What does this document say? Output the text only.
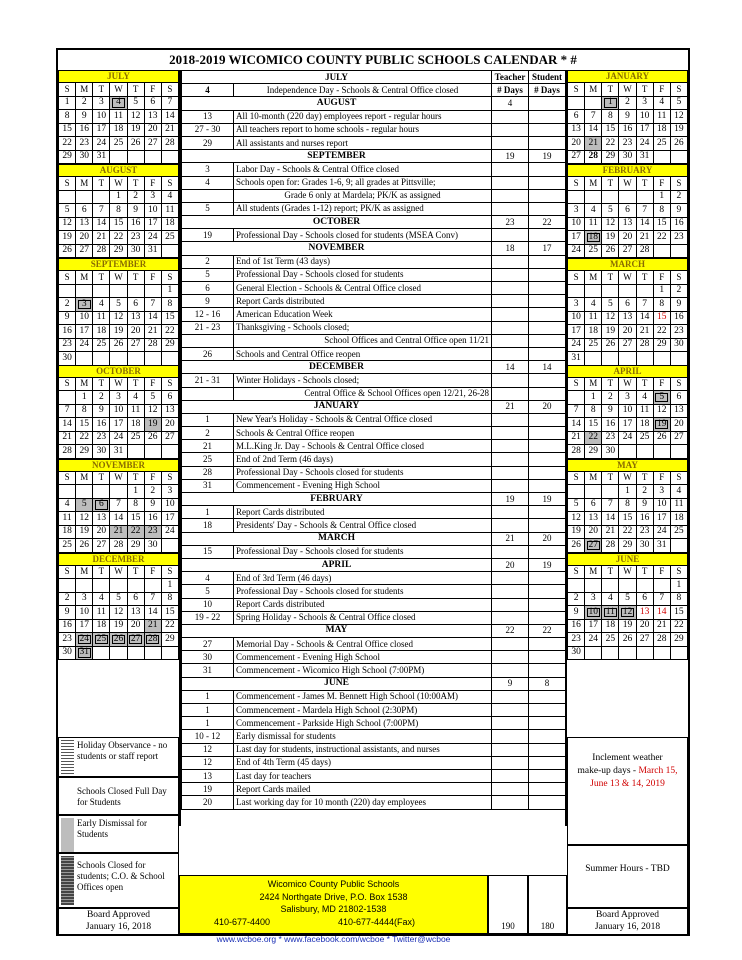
2018-2019 WICOMICO COUNTY PUBLIC SCHOOLS CALENDAR * #
JULY						
S	M	T	W	T	F	S
1	2	3	4	5	6	7
8	9	10	11	12	13	14
15	16	17	18	19	20	21
22	23	24	25	26	27	28
29	30	31				

AUGUST						
S	M	T	W	T	F	S
			1	2	3	4
5	6	7	8	9	10	11
12	13	14	15	16	17	18
19	20	21	22	23	24	25
26	27	28	29	30	31	

SEPTEMBER						
S	M	T	W	T	F	S
						1
2	3	4	5	6	7	8
9	10	11	12	13	14	15
16	17	18	19	20	21	22
23	24	25	26	27	28	29
30						
OCTOBER						
S	M	T	W	T	F	S
	1	2	3	4	5	6
7	8	9	10	11	12	13
14	15	16	17	18	19	20
21	22	23	24	25	26	27
28	29	30	31			

NOVEMBER						
S	M	T	W	T	F	S
				1	2	3
4	5	6	7	8	9	10
11	12	13	14	15	16	17
18	19	20	21	22	23	24
25	26	27	28	29	30	

DECEMBER						
S	M	T	W	T	F	S
						1
2	3	4	5	6	7	8
9	10	11	12	13	14	15
16	17	18	19	20	21	22
23	24	25	26	27	28	29
30	31					
JANUARY						
S	M	T	W	T	F	S
		1	2	3	4	5
6	7	8	9	10	11	12
13	14	15	16	17	18	19
20	21	22	23	24	25	26
27	28	29	30	31		

FEBRUARY						
S	M	T	W	T	F	S
					1	2
3	4	5	6	7	8	9
10	11	12	13	14	15	16
17	18	19	20	21	22	23
24	25	26	27	28		

MARCH						
S	M	T	W	T	F	S
					1	2
3	4	5	6	7	8	9
10	11	12	13	14	15	16
17	18	19	20	21	22	23
24	25	26	27	28	29	30
31						
APRIL						
S	M	T	W	T	F	S
	1	2	3	4	5	6
7	8	9	10	11	12	13
14	15	16	17	18	19	20
21	22	23	24	25	26	27
28	29	30				

MAY						
S	M	T	W	T	F	S
			1	2	3	4
5	6	7	8	9	10	11
12	13	14	15	16	17	18
19	20	21	22	23	24	25
26	27	28	29	30	31	

JUNE						
S	M	T	W	T	F	S
						1
2	3	4	5	6	7	8
9	10	11	12	13	14	15
16	17	18	19	20	21	22
23	24	25	26	27	28	29
30						
JULY		Teacher	Student
4	Independence Day - Schools & Central Office closed	# Days	# Days
AUGUST		4	
13	All 10-month (220 day) employees report - regular hours		
27 - 30	All teachers report to home schools - regular hours		
29	All assistants and nurses report		
SEPTEMBER		19	19
3	Labor Day - Schools & Central Office closed		
4	Schools open for: Grades 1-6, 9; all grades at Pittsville;		
	Grade 6 only at Mardela; PK/K as assigned		
5	All students (Grades 1-12) report; PK/K as assigned		
OCTOBER		23	22
19	Professional Day - Schools closed for students (MSEA Conv)		
NOVEMBER		18	17
2	End of 1st Term (43 days)		
5	Professional Day - Schools closed for students		
6	General Election - Schools & Central Office closed		
9	Report Cards distributed		
12 - 16	American Education Week		
21 - 23	Thanksgiving - Schools closed;		
	School Offices and Central Office open 11/21		
26	Schools and Central Office reopen		
DECEMBER		14	14
21 - 31	Winter Holidays - Schools closed;		
	Central Office & School Offices open 12/21, 26-28		
JANUARY		21	20
1	New Year's Holiday - Schools & Central Office closed		
2	Schools & Central Office reopen		
21	M.L.King Jr. Day - Schools & Central Office closed		
25	End of 2nd Term (46 days)		
28	Professional Day - Schools closed for students		
31	Commencement - Evening High School		
FEBRUARY		19	19
1	Report Cards distributed		
18	Presidents' Day - Schools & Central Office closed		
MARCH		21	20
15	Professional Day - Schools closed for students		
APRIL		20	19
4	End of 3rd Term (46 days)		
5	Professional Day - Schools closed for students		
10	Report Cards distributed		
19 - 22	Spring Holiday - Schools & Central Office closed		
MAY		22	22
27	Memorial Day - Schools & Central Office closed		
30	Commencement - Evening High School		
31	Commencement - Wicomico High School (7:00PM)		
JUNE		9	8
1	Commencement - James M. Bennett High School (10:00AM)		
1	Commencement - Mardela High School (2:30PM)		
1	Commencement - Parkside High School (7:00PM)		
10 - 12	Early dismissal for students		
12	Last day for students, instructional assistants, and nurses		
12	End of 4th Term (45 days)		
13	Last day for teachers		
19	Report Cards mailed		
20	Last working day for 10 month (220) day employees		
Holiday Observance - no students or staff report
Schools Closed Full Day for Students
Early Dismissal for Students
Schools Closed for students; C.O. & School Offices open
Board Approved
January 16, 2018
Inclement weather
make-up days - March 15,
June 13 & 14, 2019
Summer Hours - TBD
Board Approved
January 16, 2018
Wicomico County Public Schools
2424 Northgate Drive, P.O. Box 1538
Salisbury, MD 21802-1538
410-677-4400	410-677-4444(Fax)
www.wcboe.org * www.facebook.com/wcboe * Twitter@wcboe
190	180
